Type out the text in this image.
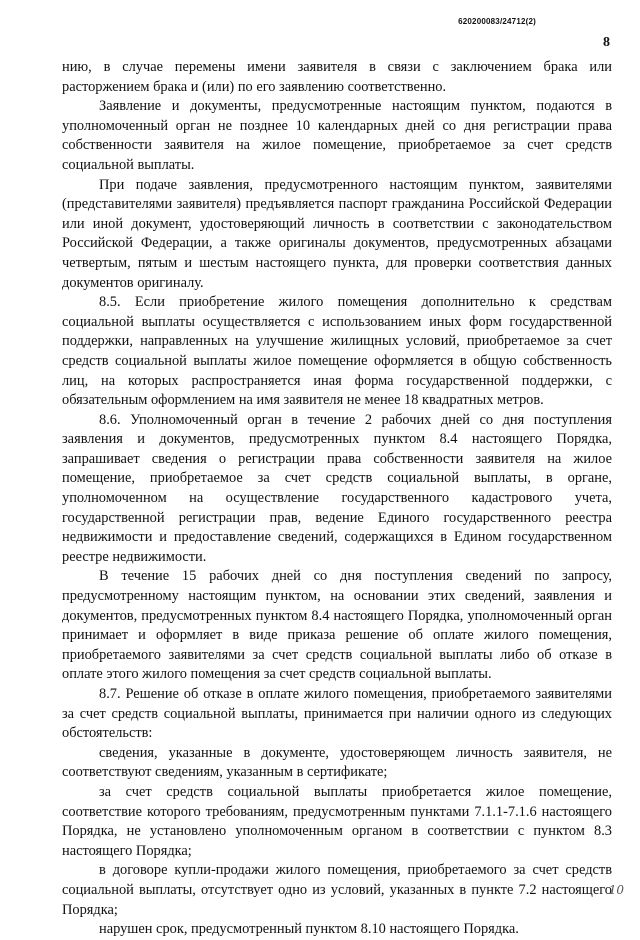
620200083/24712(2)
8

нию, в случае перемены имени заявителя в связи с заключением брака или расторжением брака и (или) по его заявлению соответственно.

Заявление и документы, предусмотренные настоящим пунктом, подаются в уполномоченный орган не позднее 10 календарных дней со дня регистрации права собственности заявителя на жилое помещение, приобретаемое за счет средств социальной выплаты.

При подаче заявления, предусмотренного настоящим пунктом, заявителями (представителями заявителя) предъявляется паспорт гражданина Российской Федерации или иной документ, удостоверяющий личность в соответствии с законодательством Российской Федерации, а также оригиналы документов, предусмотренных абзацами четвертым, пятым и шестым настоящего пункта, для проверки соответствия данных документов оригиналу.

8.5. Если приобретение жилого помещения дополнительно к средствам социальной выплаты осуществляется с использованием иных форм государственной поддержки, направленных на улучшение жилищных условий, приобретаемое за счет средств социальной выплаты жилое помещение оформляется в общую собственность лиц, на которых распространяется иная форма государственной поддержки, с обязательным оформлением на имя заявителя не менее 18 квадратных метров.

8.6. Уполномоченный орган в течение 2 рабочих дней со дня поступления заявления и документов, предусмотренных пунктом 8.4 настоящего Порядка, запрашивает сведения о регистрации права собственности заявителя на жилое помещение, приобретаемое за счет средств социальной выплаты, в органе, уполномоченном на осуществление государственного кадастрового учета, государственной регистрации прав, ведение Единого государственного реестра недвижимости и предоставление сведений, содержащихся в Едином государственном реестре недвижимости.

В течение 15 рабочих дней со дня поступления сведений по запросу, предусмотренному настоящим пунктом, на основании этих сведений, заявления и документов, предусмотренных пунктом 8.4 настоящего Порядка, уполномоченный орган принимает и оформляет в виде приказа решение об оплате жилого помещения, приобретаемого заявителями за счет средств социальной выплаты либо об отказе в оплате этого жилого помещения за счет средств социальной выплаты.

8.7. Решение об отказе в оплате жилого помещения, приобретаемого заявителями за счет средств социальной выплаты, принимается при наличии одного из следующих обстоятельств:

сведения, указанные в документе, удостоверяющем личность заявителя, не соответствуют сведениям, указанным в сертификате;

за счет средств социальной выплаты приобретается жилое помещение, соответствие которого требованиям, предусмотренным пунктами 7.1.1-7.1.6 настоящего Порядка, не установлено уполномоченным органом в соответствии с пунктом 8.3 настоящего Порядка;

в договоре купли-продажи жилого помещения, приобретаемого за счет средств социальной выплаты, отсутствует одно из условий, указанных в пункте 7.2 настоящего Порядка;

нарушен срок, предусмотренный пунктом 8.10 настоящего Порядка.

10
